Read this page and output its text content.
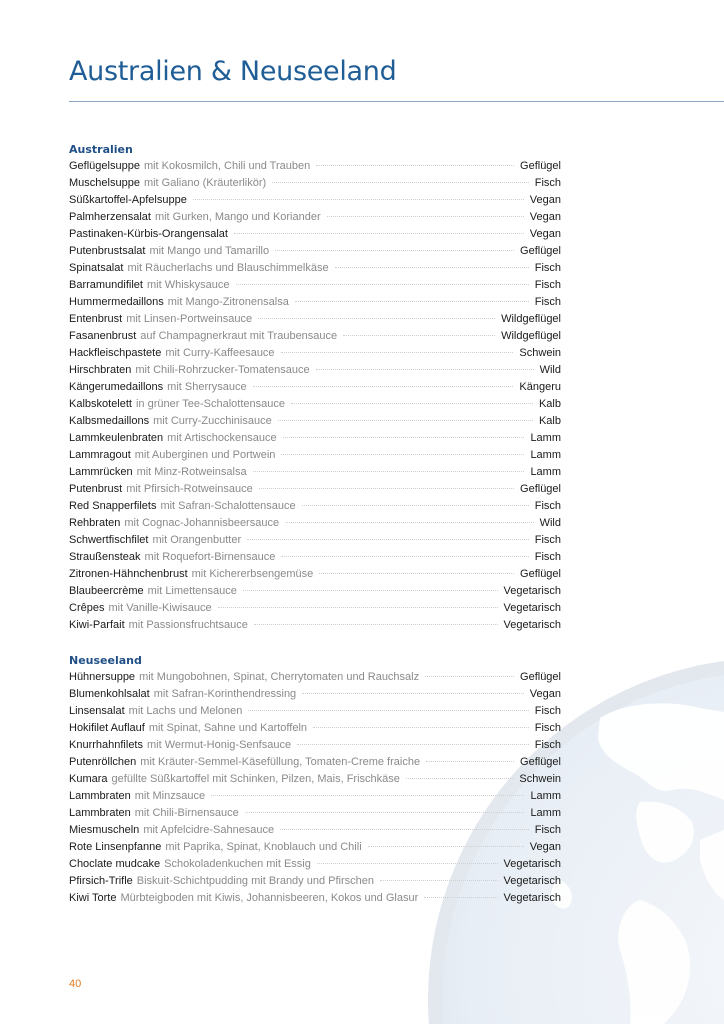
Australien & Neuseeland
Australien
Geflügelsuppe mit Kokosmilch, Chili und Trauben	Geflügel
Muschelsuppe mit Galiano (Kräuterlikör)	Fisch
Süßkartoffel-Apfelsuppe	Vegan
Palmherzensalat mit Gurken, Mango und Koriander	Vegan
Pastinaken-Kürbis-Orangensalat	Vegan
Putenbrustsalat mit Mango und Tamarillo	Geflügel
Spinatsalat mit Räucherlachs und Blauschimmelkäse	Fisch
Barramundifilet mit Whiskysauce	Fisch
Hummermedaillons mit Mango-Zitronensalsa	Fisch
Entenbrust mit Linsen-Portweinsauce	Wildgeflügel
Fasanenbrust auf Champagnerkraut mit Traubensauce	Wildgeflügel
Hackfleischpastete mit Curry-Kaffeesauce	Schwein
Hirschbraten mit Chili-Rohrzucker-Tomatensauce	Wild
Kängerumedaillons mit Sherrysauce	Kängeru
Kalbskotelett in grüner Tee-Schalottensauce	Kalb
Kalbsmedaillons mit Curry-Zucchinisauce	Kalb
Lammkeulenbraten mit Artischockensauce	Lamm
Lammragout mit Auberginen und Portwein	Lamm
Lammrücken mit Minz-Rotweinsalsa	Lamm
Putenbrust mit Pfirsich-Rotweinsauce	Geflügel
Red Snapperfilets mit Safran-Schalottensauce	Fisch
Rehbraten mit Cognac-Johannisbeersauce	Wild
Schwertfischfilet mit Orangenbutter	Fisch
Straußensteak mit Roquefort-Birnensauce	Fisch
Zitronen-Hähnchenbrust mit Kichererbsengemüse	Geflügel
Blaubeercrème mit Limettensauce	Vegetarisch
Crêpes mit Vanille-Kiwisauce	Vegetarisch
Kiwi-Parfait mit Passionsfruchtsauce	Vegetarisch
Neuseeland
Hühnersuppe mit Mungobohnen, Spinat, Cherrytomaten und Rauchsalz	Geflügel
Blumenkohlsalat mit Safran-Korinthendressing	Vegan
Linsensalat mit Lachs und Melonen	Fisch
Hokifilet Auflauf mit Spinat, Sahne und Kartoffeln	Fisch
Knurrhahnfilets mit Wermut-Honig-Senfsauce	Fisch
Putenröllchen mit Kräuter-Semmel-Käsefüllung, Tomaten-Creme fraiche	Geflügel
Kumara gefüllte Süßkartoffel mit Schinken, Pilzen, Mais, Frischkäse	Schwein
Lammbraten mit Minzsauce	Lamm
Lammbraten mit Chili-Birnensauce	Lamm
Miesmuscheln mit Apfelcidre-Sahnesauce	Fisch
Rote Linsenpfanne mit Paprika, Spinat, Knoblauch und Chili	Vegan
Choclate mudcake Schokoladenkuchen mit Essig	Vegetarisch
Pfirsich-Trifle Biskuit-Schichtpudding mit Brandy und Pfirschen	Vegetarisch
Kiwi Torte Mürbteigboden mit Kiwis, Johannisbeeren, Kokos und Glasur	Vegetarisch
40
